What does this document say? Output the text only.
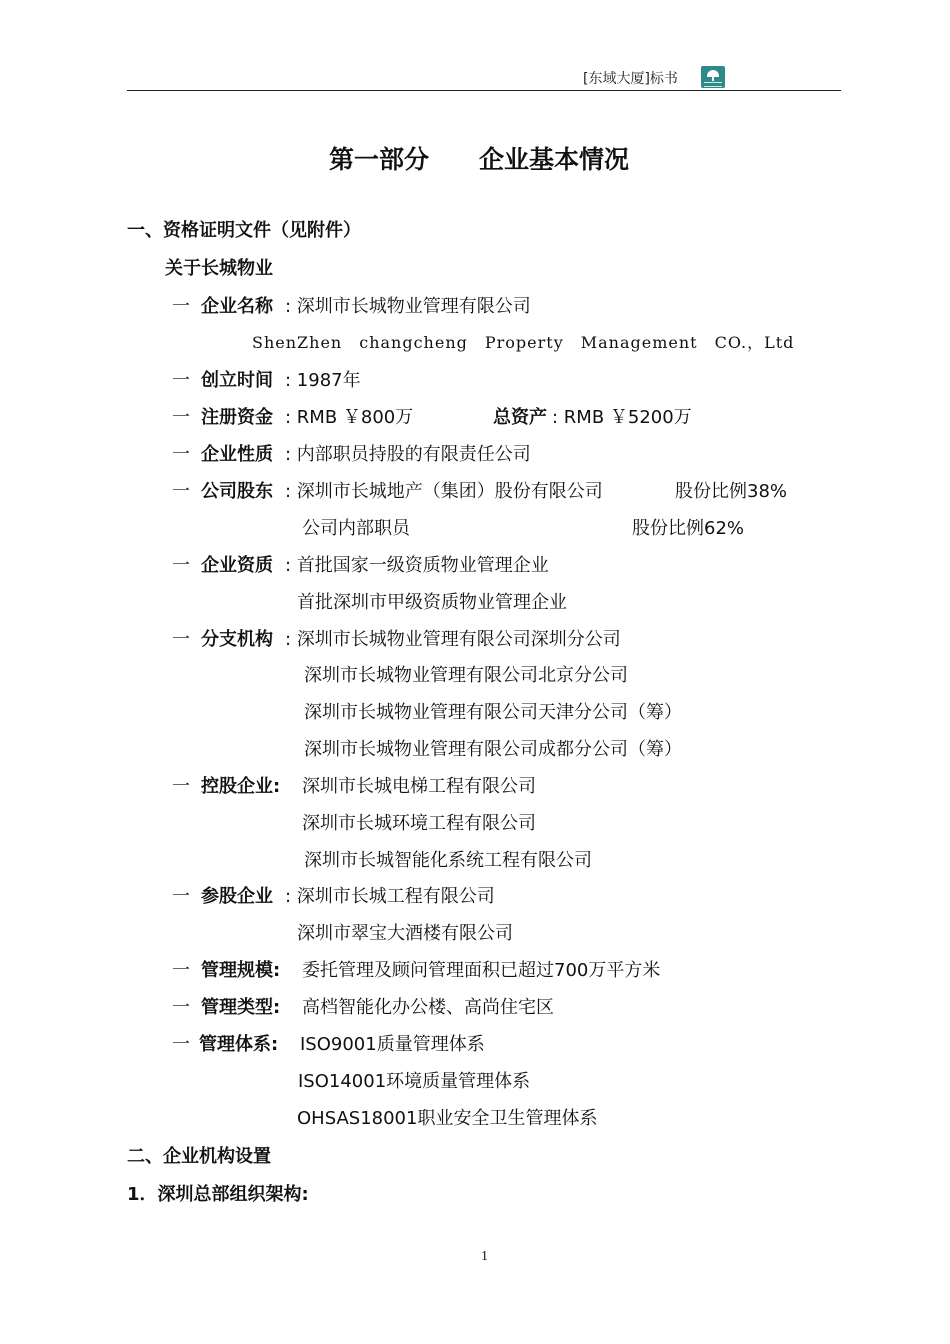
[东域大厦]标书
第一部分　　企业基本情况
一、资格证明文件（见附件）
关于长城物业
一 企业名称 : 深圳市长城物业管理有限公司
ShenZhen　changcheng　Property　Management　CO.，Ltd
一 创立时间 : 1987年
一 注册资金 : RMB ￥800万	总资产 : RMB ￥5200万
一 企业性质 : 内部职员持股的有限责任公司
一 公司股东 : 深圳市长城地产（集团）股份有限公司	股份比例38%
公司内部职员	股份比例62%
一 企业资质 : 首批国家一级资质物业管理企业
首批深圳市甲级资质物业管理企业
一 分支机构 : 深圳市长城物业管理有限公司深圳分公司
深圳市长城物业管理有限公司北京分公司
深圳市长城物业管理有限公司天津分公司（筹）
深圳市长城物业管理有限公司成都分公司（筹）
一 控股企业: 深圳市长城电梯工程有限公司
深圳市长城环境工程有限公司
深圳市长城智能化系统工程有限公司
一 参股企业 : 深圳市长城工程有限公司
深圳市翠宝大酒楼有限公司
一 管理规模: 委托管理及顾问管理面积已超过700万平方米
一 管理类型: 高档智能化办公楼、高尚住宅区
一 管理体系: ISO9001质量管理体系
ISO14001环境质量管理体系
OHSAS18001职业安全卫生管理体系
二、企业机构设置
1．深圳总部组织架构:
1
